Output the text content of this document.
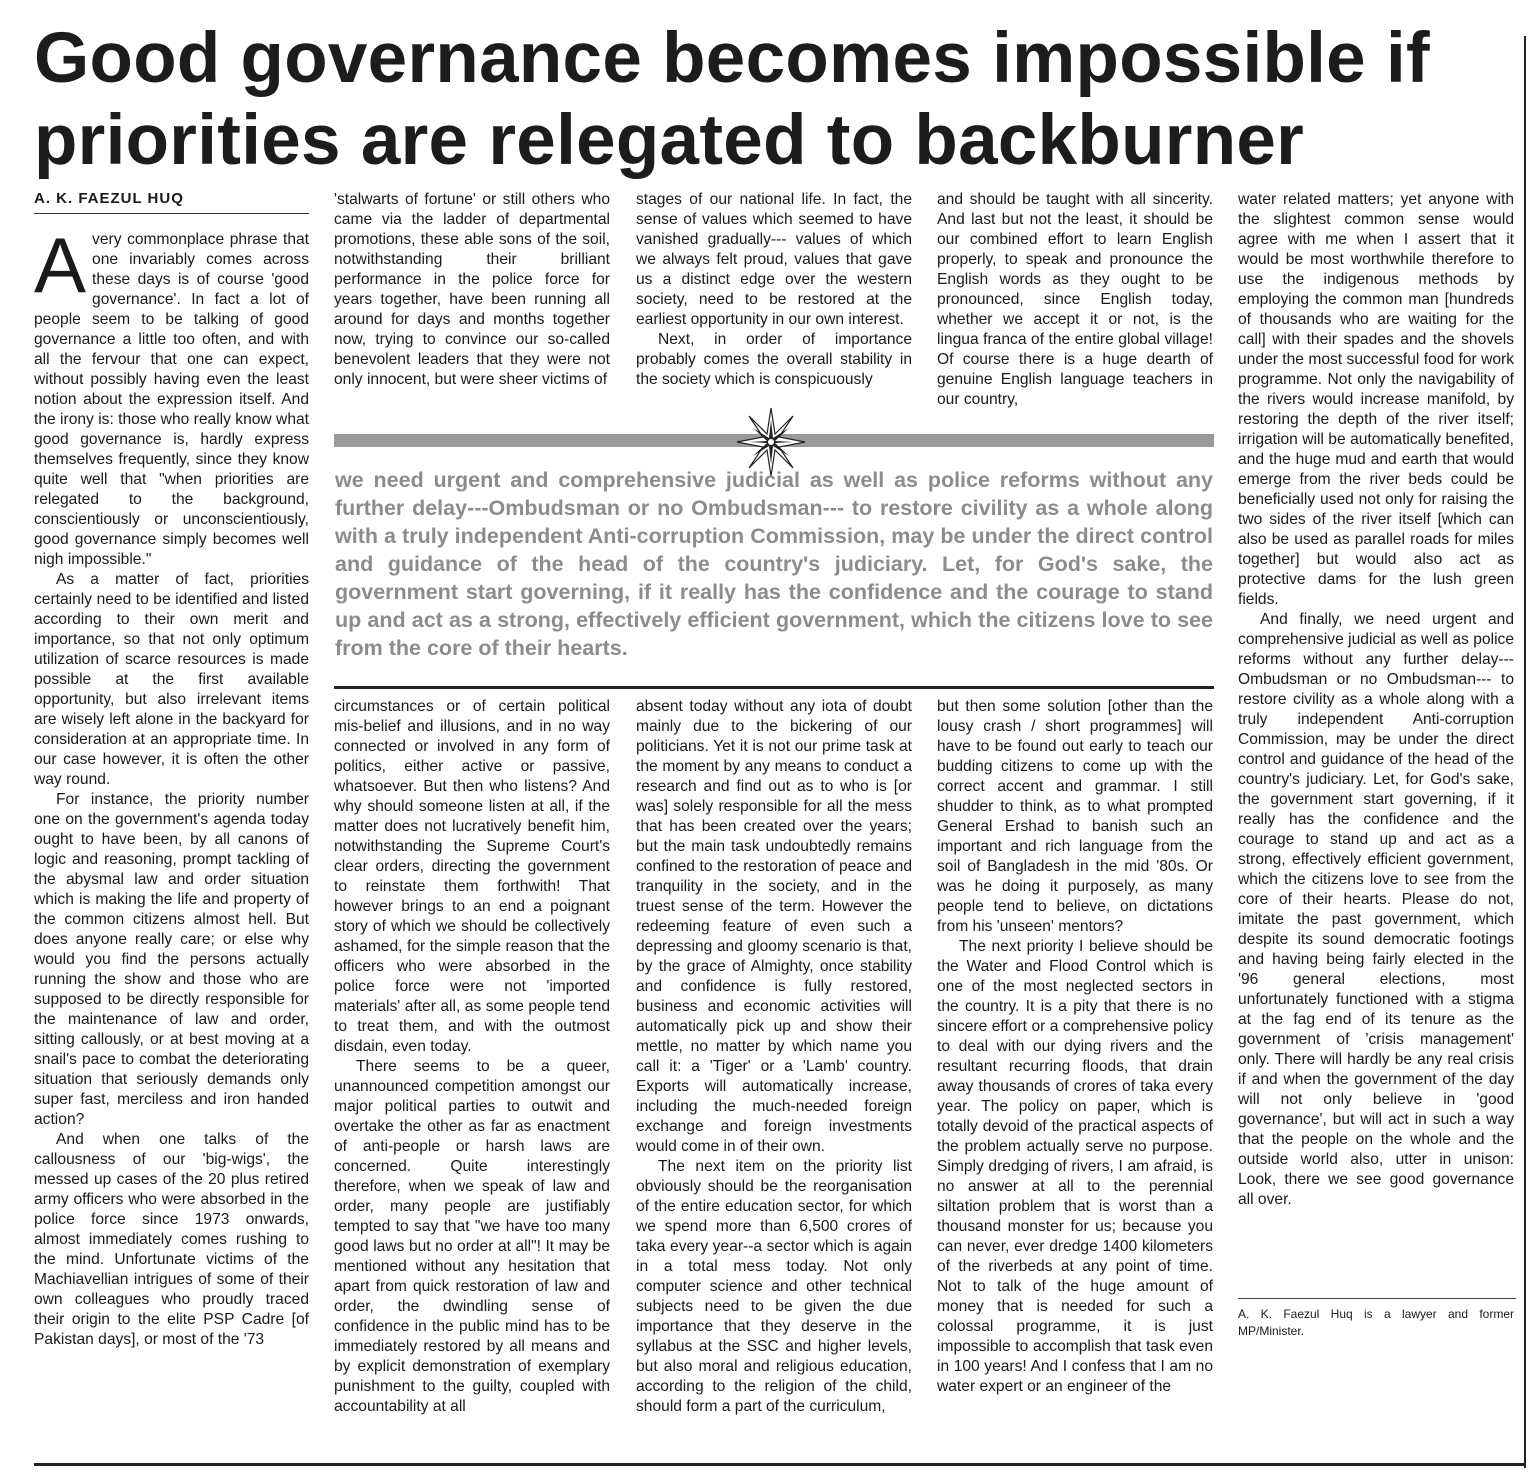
Good governance becomes impossible if
priorities are relegated to backburner
A. K. FAEZUL HUQ

Avery commonplace phrase that one invariably comes across these days is of course 'good governance'. In fact a lot of people seem to be talking of good governance a little too often, and with all the fervour that one can expect, without possibly having even the least notion about the expression itself. And the irony is: those who really know what good governance is, hardly express themselves frequently, since they know quite well that "when priorities are relegated to the background, conscientiously or unconscientiously, good governance simply becomes well nigh impossible."

As a matter of fact, priorities certainly need to be identified and listed according to their own merit and importance, so that not only optimum utilization of scarce resources is made possible at the first available opportunity, but also irrelevant items are wisely left alone in the backyard for consideration at an appropriate time. In our case however, it is often the other way round.

For instance, the priority number one on the government's agenda today ought to have been, by all canons of logic and reasoning, prompt tackling of the abysmal law and order situation which is making the life and property of the common citizens almost hell. But does anyone really care; or else why would you find the persons actually running the show and those who are supposed to be directly responsible for the maintenance of law and order, sitting callously, or at best moving at a snail's pace to combat the deteriorating situation that seriously demands only super fast, merciless and iron handed action?

And when one talks of the callousness of our 'big-wigs', the messed up cases of the 20 plus retired army officers who were absorbed in the police force since 1973 onwards, almost immediately comes rushing to the mind. Unfortunate victims of the Machiavellian intrigues of some of their own colleagues who proudly traced their origin to the elite PSP Cadre [of Pakistan days], or most of the '73

'stalwarts of fortune' or still others who came via the ladder of departmental promotions, these able sons of the soil, notwithstanding their brilliant performance in the police force for years together, have been running all around for days and months together now, trying to convince our so-called benevolent leaders that they were not only innocent, but were sheer victims of

stages of our national life. In fact, the sense of values which seemed to have vanished gradually--- values of which we always felt proud, values that gave us a distinct edge over the western society, need to be restored at the earliest opportunity in our own interest.

Next, in order of importance probably comes the overall stability in the society which is conspicuously

and should be taught with all sincerity. And last but not the least, it should be our combined effort to learn English properly, to speak and pronounce the English words as they ought to be pronounced, since English today, whether we accept it or not, is the lingua franca of the entire global village! Of course there is a huge dearth of genuine English language teachers in our country,

we need urgent and comprehensive judicial as well as police reforms without any further delay---Ombudsman or no Ombudsman--- to restore civility as a whole along with a truly independent Anti-corruption Commission, may be under the direct control and guidance of the head of the country's judiciary. Let, for God's sake, the government start governing, if it really has the confidence and the courage to stand up and act as a strong, effectively efficient government, which the citizens love to see from the core of their hearts.

circumstances or of certain political mis-belief and illusions, and in no way connected or involved in any form of politics, either active or passive, whatsoever. But then who listens? And why should someone listen at all, if the matter does not lucratively benefit him, notwithstanding the Supreme Court's clear orders, directing the government to reinstate them forthwith! That however brings to an end a poignant story of which we should be collectively ashamed, for the simple reason that the officers who were absorbed in the police force were not 'imported materials' after all, as some people tend to treat them, and with the outmost disdain, even today.

There seems to be a queer, unannounced competition amongst our major political parties to outwit and overtake the other as far as enactment of anti-people or harsh laws are concerned. Quite interestingly therefore, when we speak of law and order, many people are justifiably tempted to say that "we have too many good laws but no order at all"! It may be mentioned without any hesitation that apart from quick restoration of law and order, the dwindling sense of confidence in the public mind has to be immediately restored by all means and by explicit demonstration of exemplary punishment to the guilty, coupled with accountability at all

absent today without any iota of doubt mainly due to the bickering of our politicians. Yet it is not our prime task at the moment by any means to conduct a research and find out as to who is [or was] solely responsible for all the mess that has been created over the years; but the main task undoubtedly remains confined to the restoration of peace and tranquility in the society, and in the truest sense of the term. However the redeeming feature of even such a depressing and gloomy scenario is that, by the grace of Almighty, once stability and confidence is fully restored, business and economic activities will automatically pick up and show their mettle, no matter by which name you call it: a 'Tiger' or a 'Lamb' country. Exports will automatically increase, including the much-needed foreign exchange and foreign investments would come in of their own.

The next item on the priority list obviously should be the reorganisation of the entire education sector, for which we spend more than 6,500 crores of taka every year--a sector which is again in a total mess today. Not only computer science and other technical subjects need to be given the due importance that they deserve in the syllabus at the SSC and higher levels, but also moral and religious education, according to the religion of the child, should form a part of the curriculum,

but then some solution [other than the lousy crash / short programmes] will have to be found out early to teach our budding citizens to come up with the correct accent and grammar. I still shudder to think, as to what prompted General Ershad to banish such an important and rich language from the soil of Bangladesh in the mid '80s. Or was he doing it purposely, as many people tend to believe, on dictations from his 'unseen' mentors?

The next priority I believe should be the Water and Flood Control which is one of the most neglected sectors in the country. It is a pity that there is no sincere effort or a comprehensive policy to deal with our dying rivers and the resultant recurring floods, that drain away thousands of crores of taka every year. The policy on paper, which is totally devoid of the practical aspects of the problem actually serve no purpose. Simply dredging of rivers, I am afraid, is no answer at all to the perennial siltation problem that is worst than a thousand monster for us; because you can never, ever dredge 1400 kilometers of the riverbeds at any point of time. Not to talk of the huge amount of money that is needed for such a colossal programme, it is just impossible to accomplish that task even in 100 years! And I confess that I am no water expert or an engineer of the

water related matters; yet anyone with the slightest common sense would agree with me when I assert that it would be most worthwhile therefore to use the indigenous methods by employing the common man [hundreds of thousands who are waiting for the call] with their spades and the shovels under the most successful food for work programme. Not only the navigability of the rivers would increase manifold, by restoring the depth of the river itself; irrigation will be automatically benefited, and the huge mud and earth that would emerge from the river beds could be beneficially used not only for raising the two sides of the river itself [which can also be used as parallel roads for miles together] but would also act as protective dams for the lush green fields.

And finally, we need urgent and comprehensive judicial as well as police reforms without any further delay---Ombudsman or no Ombudsman--- to restore civility as a whole along with a truly independent Anti-corruption Commission, may be under the direct control and guidance of the head of the country's judiciary. Let, for God's sake, the government start governing, if it really has the confidence and the courage to stand up and act as a strong, effectively efficient government, which the citizens love to see from the core of their hearts. Please do not, imitate the past government, which despite its sound democratic footings and having being fairly elected in the '96 general elections, most unfortunately functioned with a stigma at the fag end of its tenure as the government of 'crisis management' only. There will hardly be any real crisis if and when the government of the day will not only believe in 'good governance', but will act in such a way that the people on the whole and the outside world also, utter in unison: Look, there we see good governance all over.

A. K. Faezul Huq is a lawyer and former MP/Minister.
